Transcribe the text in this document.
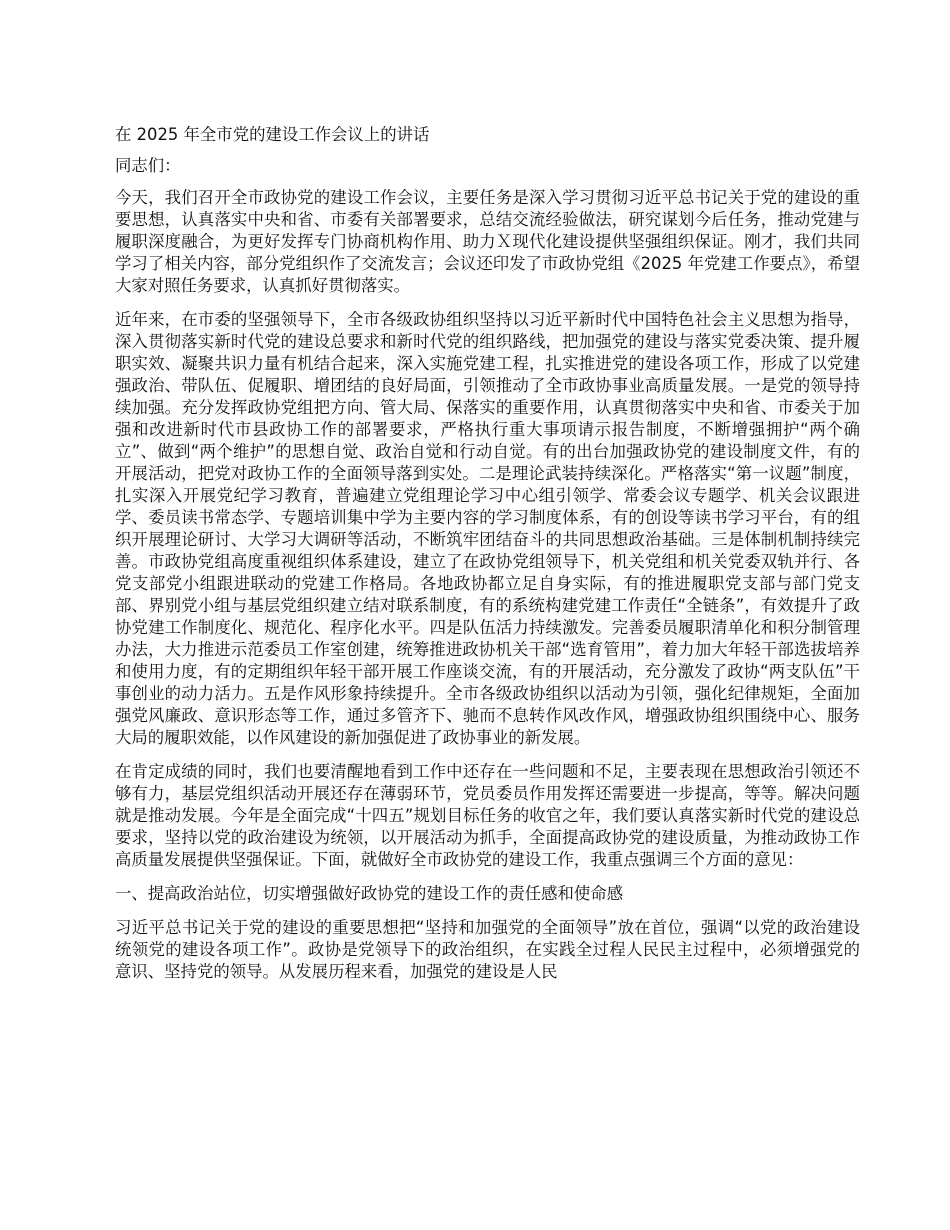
在 2025 年全市党的建设工作会议上的讲话
同志们：

今天，我们召开全市政协党的建设工作会议，主要任务是深入学习贯彻习近平总书记关于党的建设的重要思想，认真落实中央和省、市委有关部署要求，总结交流经验做法，研究谋划今后任务，推动党建与履职深度融合，为更好发挥专门协商机构作用、助力Ｘ现代化建设提供坚强组织保证。刚才，我们共同学习了相关内容，部分党组织作了交流发言；会议还印发了市政协党组《2025 年党建工作要点》，希望大家对照任务要求，认真抓好贯彻落实。

近年来，在市委的坚强领导下，全市各级政协组织坚持以习近平新时代中国特色社会主义思想为指导，深入贯彻落实新时代党的建设总要求和新时代党的组织路线，把加强党的建设与落实党委决策、提升履职实效、凝聚共识力量有机结合起来，深入实施党建工程，扎实推进党的建设各项工作，形成了以党建强政治、带队伍、促履职、增团结的良好局面，引领推动了全市政协事业高质量发展。一是党的领导持续加强。充分发挥政协党组把方向、管大局、保落实的重要作用，认真贯彻落实中央和省、市委关于加强和改进新时代市县政协工作的部署要求，严格执行重大事项请示报告制度，不断增强拥护“两个确立”、做到“两个维护”的思想自觉、政治自觉和行动自觉。有的出台加强政协党的建设制度文件，有的开展活动，把党对政协工作的全面领导落到实处。二是理论武装持续深化。严格落实“第一议题”制度，扎实深入开展党纪学习教育，普遍建立党组理论学习中心组引领学、常委会议专题学、机关会议跟进学、委员读书常态学、专题培训集中学为主要内容的学习制度体系，有的创设等读书学习平台，有的组织开展理论研讨、大学习大调研等活动，不断筑牢团结奋斗的共同思想政治基础。三是体制机制持续完善。市政协党组高度重视组织体系建设，建立了在政协党组领导下，机关党组和机关党委双轨并行、各党支部党小组跟进联动的党建工作格局。各地政协都立足自身实际，有的推进履职党支部与部门党支部、界别党小组与基层党组织建立结对联系制度，有的系统构建党建工作责任“全链条”，有效提升了政协党建工作制度化、规范化、程序化水平。四是队伍活力持续激发。完善委员履职清单化和积分制管理办法，大力推进示范委员工作室创建，统筹推进政协机关干部“选育管用”，着力加大年轻干部选拔培养和使用力度，有的定期组织年轻干部开展工作座谈交流，有的开展活动，充分激发了政协“两支队伍”干事创业的动力活力。五是作风形象持续提升。全市各级政协组织以活动为引领，强化纪律规矩，全面加强党风廉政、意识形态等工作，通过多管齐下、驰而不息转作风改作风，增强政协组织围绕中心、服务大局的履职效能，以作风建设的新加强促进了政协事业的新发展。

在肯定成绩的同时，我们也要清醒地看到工作中还存在一些问题和不足，主要表现在思想政治引领还不够有力，基层党组织活动开展还存在薄弱环节，党员委员作用发挥还需要进一步提高，等等。解决问题就是推动发展。今年是全面完成“十四五”规划目标任务的收官之年，我们要认真落实新时代党的建设总要求，坚持以党的政治建设为统领，以开展活动为抓手，全面提高政协党的建设质量，为推动政协工作高质量发展提供坚强保证。下面，就做好全市政协党的建设工作，我重点强调三个方面的意见：

一、提高政治站位，切实增强做好政协党的建设工作的责任感和使命感

习近平总书记关于党的建设的重要思想把“坚持和加强党的全面领导”放在首位，强调“以党的政治建设统领党的建设各项工作”。政协是党领导下的政治组织，在实践全过程人民民主过程中，必须增强党的意识、坚持党的领导。从发展历程来看，加强党的建设是人民
